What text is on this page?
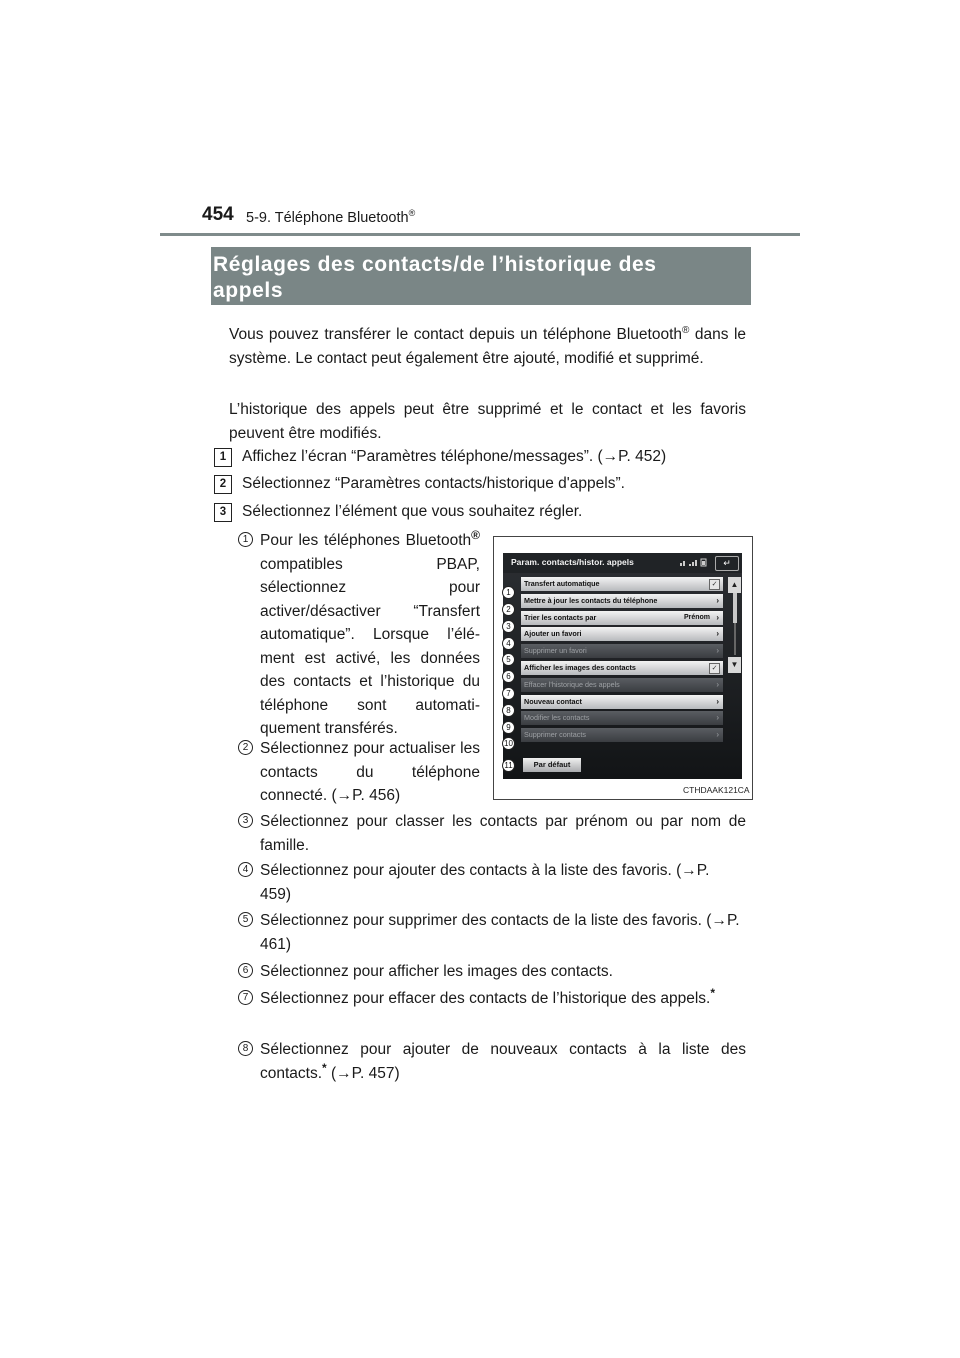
454 5-9. Téléphone Bluetooth®
Réglages des contacts/de l’historique des
appels
Vous pouvez transférer le contact depuis un téléphone Bluetooth® dans le système. Le contact peut également être ajouté, modifié et supprimé.
L’historique des appels peut être supprimé et le contact et les favoris peuvent être modifiés.
1	Affichez l’écran “Paramètres téléphone/messages”. (→P. 452)
2	Sélectionnez “Paramètres contacts/historique d'appels”.
3	Sélectionnez l’élément que vous souhaitez régler.
1 Pour les téléphones Bluetooth® compatibles PBAP, sélectionnez pour activer/désactiver “Transfert automatique”. Lorsque l’élé-ment est activé, les données des contacts et l’historique du téléphone sont automati-quement transférés.
2 Sélectionnez pour actualiser les contacts du téléphone connecté. (→P. 456)
3 Sélectionnez pour classer les contacts par prénom ou par nom de famille.
4 Sélectionnez pour ajouter des contacts à la liste des favoris. (→P. 459)
5 Sélectionnez pour supprimer des contacts de la liste des favoris. (→P. 461)
6 Sélectionnez pour afficher les images des contacts.
7 Sélectionnez pour effacer des contacts de l’historique des appels.*
8 Sélectionnez pour ajouter de nouveaux contacts à la liste des contacts.* (→P. 457)
Param. contacts/histor. appels	↵
Transfert automatique	✓
Mettre à jour les contacts du téléphone	›
Trier les contacts par	Prénom ›
Ajouter un favori	›
Supprimer un favori	›
Afficher les images des contacts	✓
Effacer l’historique des appels	›
Nouveau contact	›
Modifier les contacts	›
Supprimer contacts	›
▲
▼
Par défaut
1
2
3
4
5
6
7
8
9
10
11
CTHDAAK121CA
